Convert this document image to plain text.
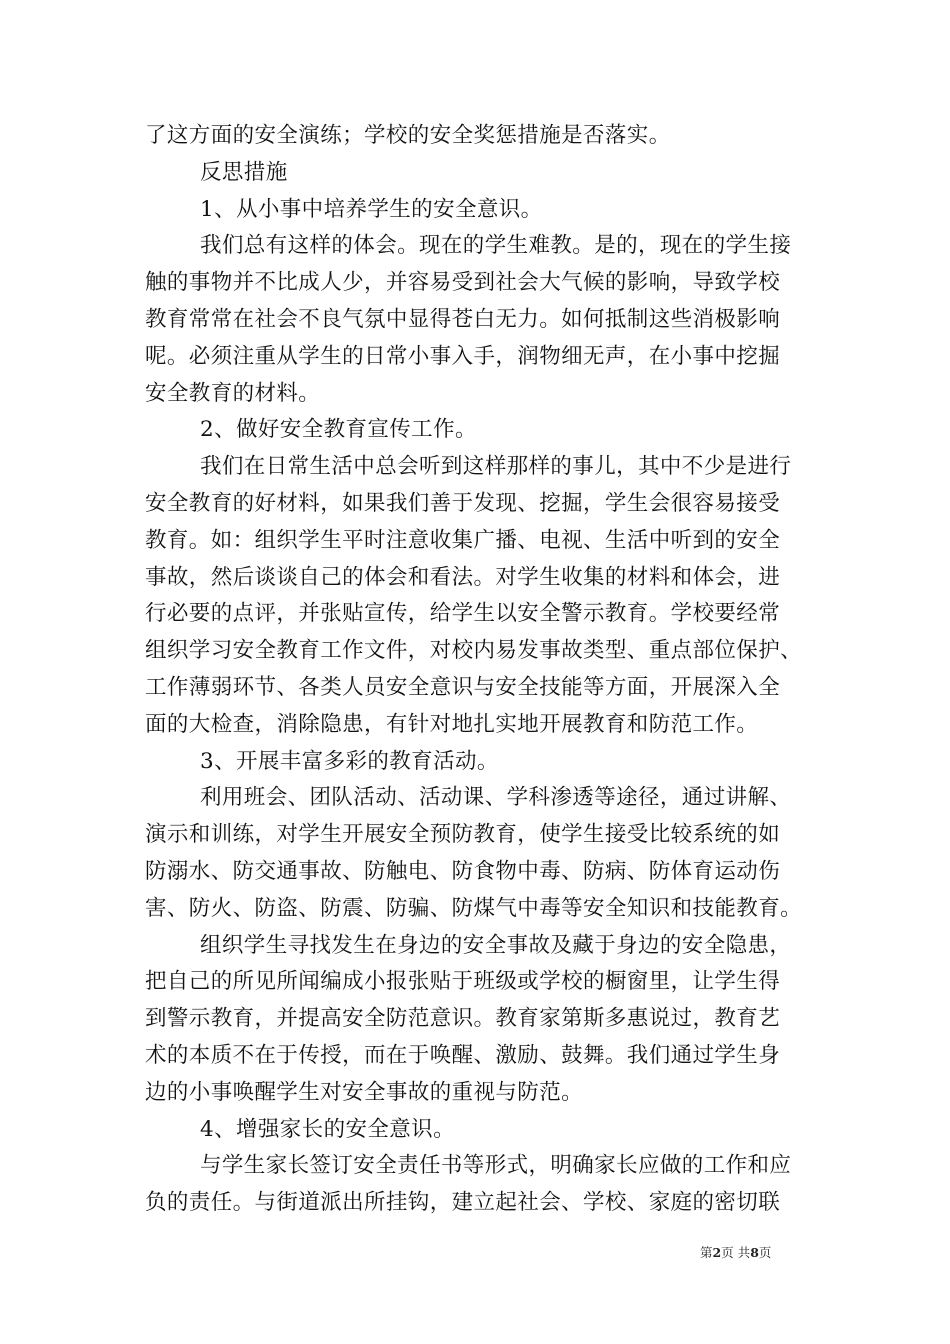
了这方面的安全演练；学校的安全奖惩措施是否落实。
反思措施
1、从小事中培养学生的安全意识。
我们总有这样的体会。现在的学生难教。是的，现在的学生接
触的事物并不比成人少，并容易受到社会大气候的影响，导致学校
教育常常在社会不良气氛中显得苍白无力。如何抵制这些消极影响
呢。必须注重从学生的日常小事入手，润物细无声，在小事中挖掘
安全教育的材料。
2、做好安全教育宣传工作。
我们在日常生活中总会听到这样那样的事儿，其中不少是进行
安全教育的好材料，如果我们善于发现、挖掘，学生会很容易接受
教育。如：组织学生平时注意收集广播、电视、生活中听到的安全
事故，然后谈谈自己的体会和看法。对学生收集的材料和体会，进
行必要的点评，并张贴宣传，给学生以安全警示教育。学校要经常
组织学习安全教育工作文件，对校内易发事故类型、重点部位保护、
工作薄弱环节、各类人员安全意识与安全技能等方面，开展深入全
面的大检查，消除隐患，有针对地扎实地开展教育和防范工作。
3、开展丰富多彩的教育活动。
利用班会、团队活动、活动课、学科渗透等途径，通过讲解、
演示和训练，对学生开展安全预防教育，使学生接受比较系统的如
防溺水、防交通事故、防触电、防食物中毒、防病、防体育运动伤
害、防火、防盗、防震、防骗、防煤气中毒等安全知识和技能教育。
组织学生寻找发生在身边的安全事故及藏于身边的安全隐患，
把自己的所见所闻编成小报张贴于班级或学校的橱窗里，让学生得
到警示教育，并提高安全防范意识。教育家第斯多惠说过，教育艺
术的本质不在于传授，而在于唤醒、激励、鼓舞。我们通过学生身
边的小事唤醒学生对安全事故的重视与防范。
4、增强家长的安全意识。
与学生家长签订安全责任书等形式，明确家长应做的工作和应
负的责任。与街道派出所挂钩，建立起社会、学校、家庭的密切联
第2页 共8页
